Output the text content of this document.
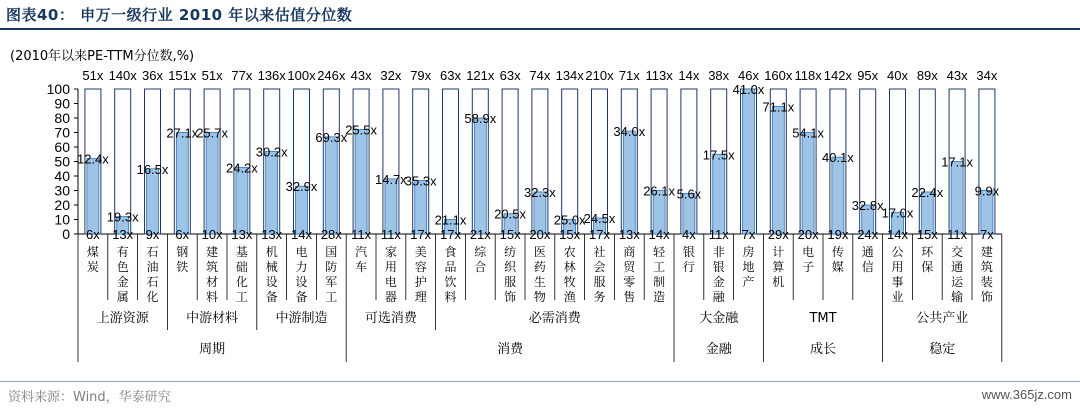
图表40： 申万一级行业 2010 年以来估值分位数
(2010年以来PE-TTM分位数,%)
0
10
20
30
40
50
60
70
80
90
100
12.4x
51x
6x
煤炭
19.3x
140x
13x
有色金属
16.5x
36x
9x
石油石化
27.1x
151x
6x
钢铁
25.7x
51x
10x
建筑材料
24.2x
77x
13x
基础化工
30.2x
136x
13x
机械设备
32.9x
100x
14x
电力设备
69.3x
246x
28x
国防军工
25.5x
43x
11x
汽车
14.7x
32x
11x
家用电器
35.3x
79x
17x
美容护理
21.1x
63x
17x
食品饮料
58.9x
121x
21x
综合
20.5x
63x
15x
纺织服饰
32.3x
74x
20x
医药生物
25.0x
134x
15x
农林牧渔
24.5x
210x
17x
社会服务
34.0x
71x
13x
商贸零售
26.1x
113x
14x
轻工制造
5.6x
14x
4x
银行
17.5x
38x
11x
非银金融
41.0x
46x
7x
房地产
71.1x
160x
29x
计算机
54.1x
118x
20x
电子
40.1x
142x
19x
传媒
32.8x
95x
24x
通信
17.0x
40x
14x
公用事业
22.4x
89x
15x
环保
17.1x
43x
11x
交通运输
9.9x
34x
7x
建筑装饰
上游资源	中游材料	中游制造	可选消费	必需消费	大金融	TMT	公共产业
周期	消费	金融	成长	稳定
资料来源：Wind，华泰研究	www.365jz.com
